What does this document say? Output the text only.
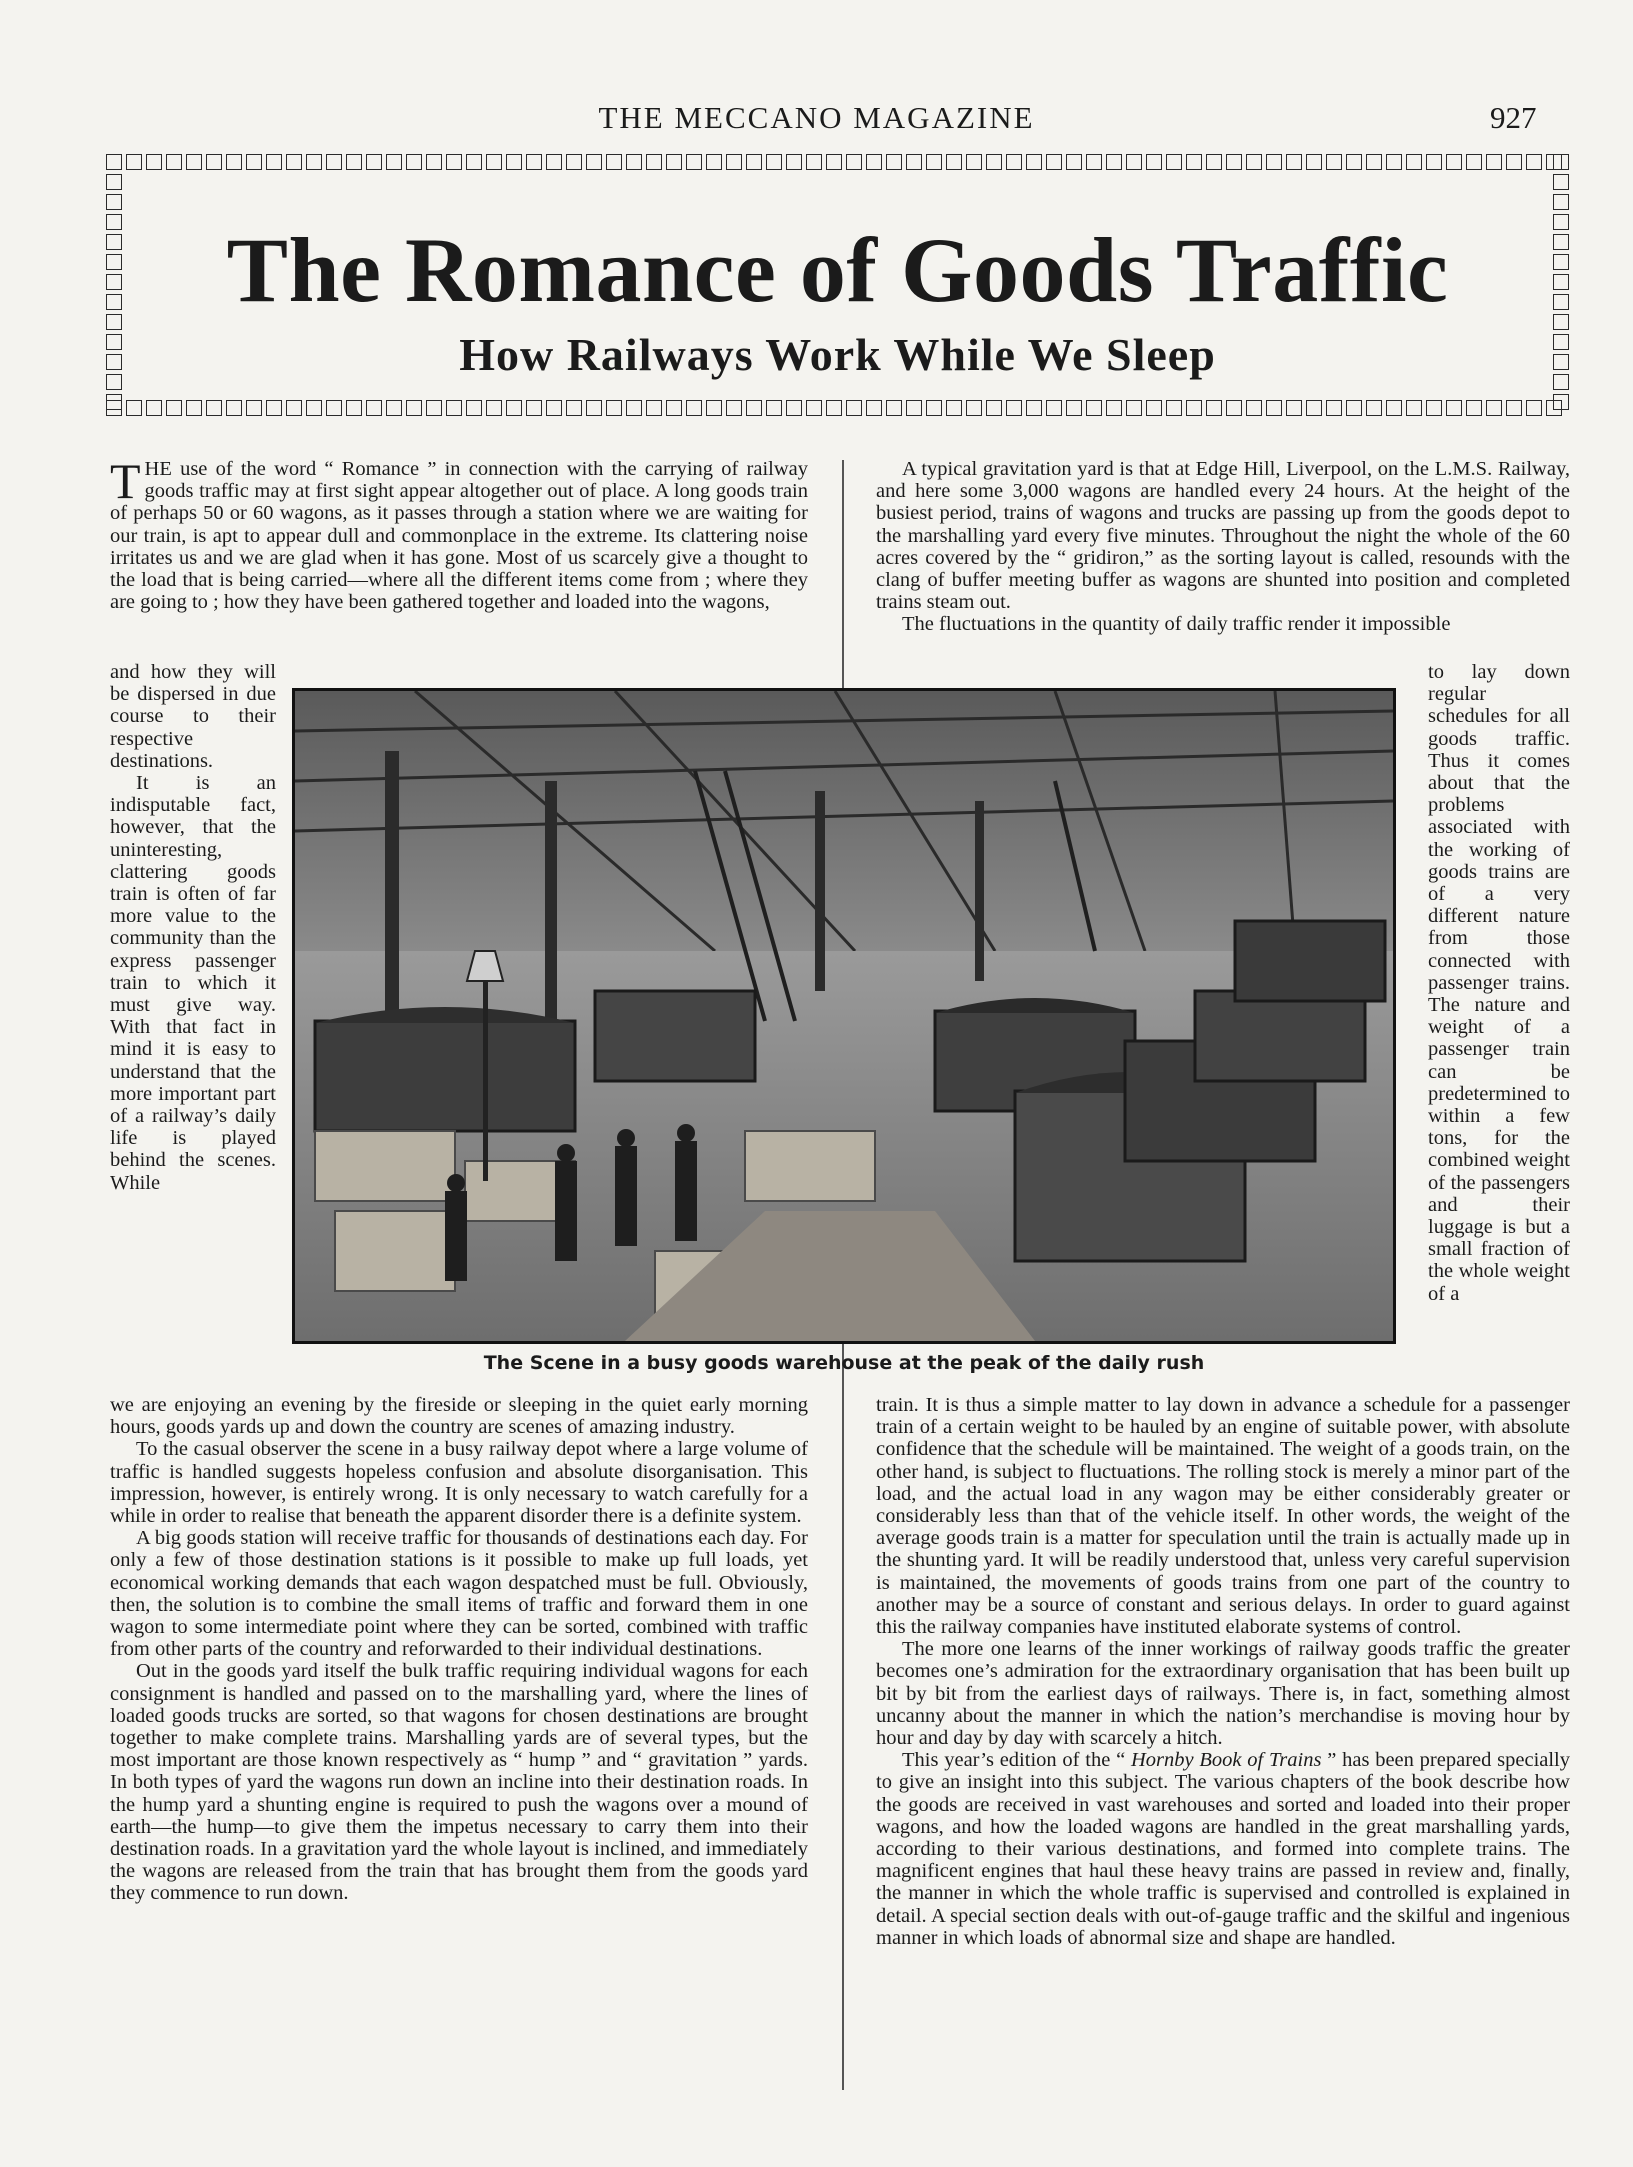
THE MECCANO MAGAZINE	927
The Romance of Goods Traffic
How Railways Work While We Sleep

THE use of the word “ Romance ” in connection with the carrying of railway goods traffic may at first sight appear altogether out of place. A long goods train of perhaps 50 or 60 wagons, as it passes through a station where we are waiting for our train, is apt to appear dull and commonplace in the extreme. Its clattering noise irritates us and we are glad when it has gone. Most of us scarcely give a thought to the load that is being carried—where all the different items come from ; where they are going to ; how they have been gathered together and loaded into the wagons,

and how they will be dispersed in due course to their respective destinations.

It is an indisputable fact, however, that the uninteresting, clattering goods train is often of far more value to the community than the express passenger train to which it must give way. With that fact in mind it is easy to understand that the more important part of a railway’s daily life is played behind the scenes. While

we are enjoying an evening by the fireside or sleeping in the quiet early morning hours, goods yards up and down the country are scenes of amazing industry.

To the casual observer the scene in a busy railway depot where a large volume of traffic is handled suggests hopeless confusion and absolute disorganisation. This impression, however, is entirely wrong. It is only necessary to watch carefully for a while in order to realise that beneath the apparent disorder there is a definite system.

A big goods station will receive traffic for thousands of destinations each day. For only a few of those destination stations is it possible to make up full loads, yet economical working demands that each wagon despatched must be full. Obviously, then, the solution is to combine the small items of traffic and forward them in one wagon to some intermediate point where they can be sorted, combined with traffic from other parts of the country and reforwarded to their individual destinations.

Out in the goods yard itself the bulk traffic requiring individual wagons for each consignment is handled and passed on to the marshalling yard, where the lines of loaded goods trucks are sorted, so that wagons for chosen destinations are brought together to make complete trains. Marshalling yards are of several types, but the most important are those known respectively as “ hump ” and “ gravitation ” yards. In both types of yard the wagons run down an incline into their destination roads. In the hump yard a shunting engine is required to push the wagons over a mound of earth—the hump—to give them the impetus necessary to carry them into their destination roads. In a gravitation yard the whole layout is inclined, and immediately the wagons are released from the train that has brought them from the goods yard they commence to run down.

A typical gravitation yard is that at Edge Hill, Liverpool, on the L.M.S. Railway, and here some 3,000 wagons are handled every 24 hours. At the height of the busiest period, trains of wagons and trucks are passing up from the goods depot to the marshalling yard every five minutes. Throughout the night the whole of the 60 acres covered by the “ gridiron,” as the sorting layout is called, resounds with the clang of buffer meeting buffer as wagons are shunted into position and completed trains steam out.

The fluctuations in the quantity of daily traffic render it impossible

to lay down regular schedules for all goods traffic. Thus it comes about that the problems associated with the working of goods trains are of a very different nature from those connected with passenger trains. The nature and weight of a passenger train can be predetermined to within a few tons, for the combined weight of the passengers and their luggage is but a small fraction of the whole weight of a

train. It is thus a simple matter to lay down in advance a schedule for a passenger train of a certain weight to be hauled by an engine of suitable power, with absolute confidence that the schedule will be maintained. The weight of a goods train, on the other hand, is subject to fluctuations. The rolling stock is merely a minor part of the load, and the actual load in any wagon may be either considerably greater or considerably less than that of the vehicle itself. In other words, the weight of the average goods train is a matter for speculation until the train is actually made up in the shunting yard. It will be readily understood that, unless very careful supervision is maintained, the movements of goods trains from one part of the country to another may be a source of constant and serious delays. In order to guard against this the railway companies have instituted elaborate systems of control.

The more one learns of the inner workings of railway goods traffic the greater becomes one’s admiration for the extraordinary organisation that has been built up bit by bit from the earliest days of railways. There is, in fact, something almost uncanny about the manner in which the nation’s merchandise is moving hour by hour and day by day with scarcely a hitch.

This year’s edition of the “ Hornby Book of Trains ” has been prepared specially to give an insight into this subject. The various chapters of the book describe how the goods are received in vast warehouses and sorted and loaded into their proper wagons, and how the loaded wagons are handled in the great marshalling yards, according to their various destinations, and formed into complete trains. The magnificent engines that haul these heavy trains are passed in review and, finally, the manner in which the whole traffic is supervised and controlled is explained in detail. A special section deals with out-of-gauge traffic and the skilful and ingenious manner in which loads of abnormal size and shape are handled.

The Scene in a busy goods warehouse at the peak of the daily rush
